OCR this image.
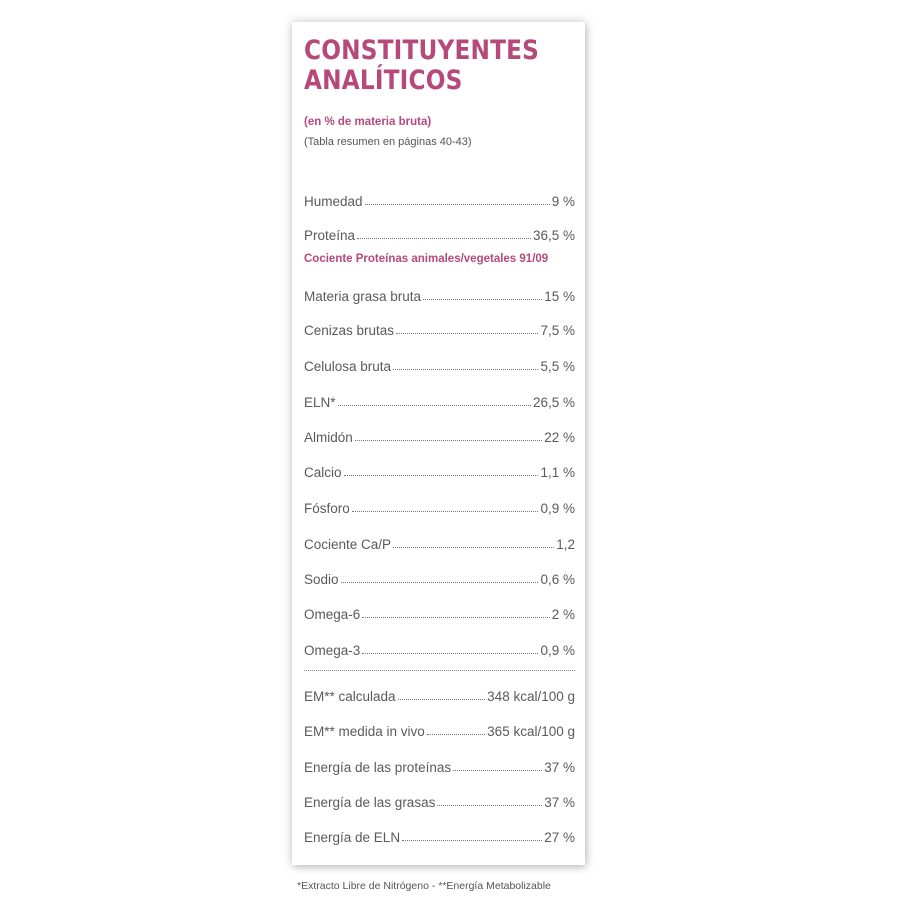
CONSTITUYENTES
ANALÍTICOS
(en % de materia bruta)
(Tabla resumen en páginas 40-43)
Humedad	9 %
Proteína	36,5 %
Cociente Proteínas animales/vegetales 91/09
Materia grasa bruta	15 %
Cenizas brutas	7,5 %
Celulosa bruta	5,5 %
ELN*	26,5 %
Almidón	22 %
Calcio	1,1 %
Fósforo	0,9 %
Cociente Ca/P	1,2
Sodio	0,6 %
Omega-6	2 %
Omega-3	0,9 %
EM** calculada	348 kcal/100 g
EM** medida in vivo	365 kcal/100 g
Energía de las proteínas	37 %
Energía de las grasas	37 %
Energía de ELN	27 %
*Extracto Libre de Nitrógeno - **Energía Metabolizable
